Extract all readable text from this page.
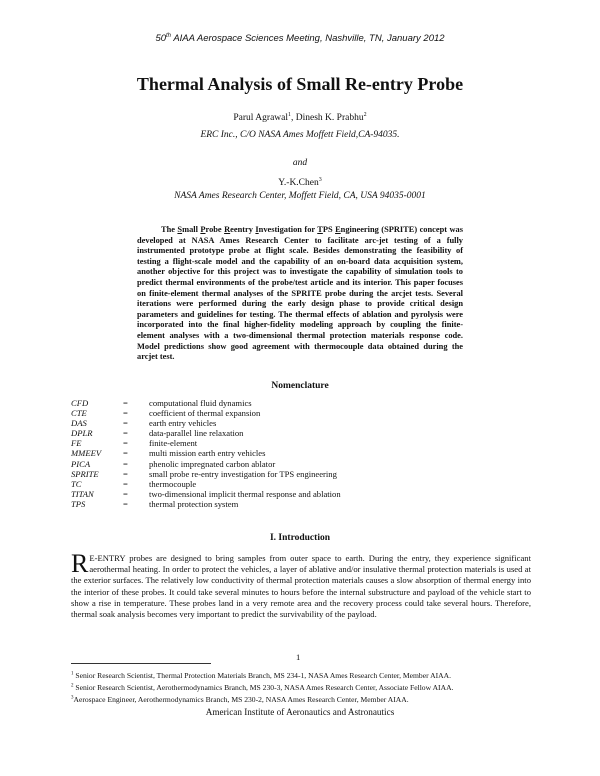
50th AIAA Aerospace Sciences Meeting, Nashville, TN, January 2012
Thermal Analysis of Small Re-entry Probe
Parul Agrawal$^1$, Dinesh K. Prabhu$^2$
ERC Inc., C/O NASA Ames Moffett Field,CA-94035.
and
Y.-K.Chen$^3$
NASA Ames Research Center, Moffett Field, CA, USA 94035-0001
The Small Probe Reentry Investigation for TPS Engineering (SPRITE) concept was developed at NASA Ames Research Center to facilitate arc-jet testing of a fully instrumented prototype probe at flight scale. Besides demonstrating the feasibility of testing a flight-scale model and the capability of an on-board data acquisition system, another objective for this project was to investigate the capability of simulation tools to predict thermal environments of the probe/test article and its interior. This paper focuses on finite-element thermal analyses of the SPRITE probe during the arcjet tests. Several iterations were performed during the early design phase to provide critical design parameters and guidelines for testing. The thermal effects of ablation and pyrolysis were incorporated into the final higher-fidelity modeling approach by coupling the finite-element analyses with a two-dimensional thermal protection materials response code. Model predictions show good agreement with thermocouple data obtained during the arcjet test.
Nomenclature
CFD	=	computational fluid dynamics
CTE	=	coefficient of thermal expansion
DAS	=	earth entry vehicles
DPLR	=	data-parallel line relaxation
FE	=	finite-element
MMEEV	=	multi mission earth entry vehicles
PICA	=	phenolic impregnated carbon ablator
SPRITE	=	small probe re-entry investigation for TPS engineering
TC	=	thermocouple
TITAN	=	two-dimensional implicit thermal response and ablation
TPS	=	thermal protection system
I. Introduction
R E-ENTRY probes are designed to bring samples from outer space to earth. During the entry, they experience significant aerothermal heating. In order to protect the vehicles, a layer of ablative and/or insulative thermal protection materials is used at the exterior surfaces. The relatively low conductivity of thermal protection materials causes a slow absorption of thermal energy into the interior of these probes. It could take several minutes to hours before the internal substructure and payload of the vehicle start to show a rise in temperature. These probes land in a very remote area and the recovery process could take several hours. Therefore, thermal soak analysis becomes very important to predict the survivability of the payload.
1
$^1$ Senior Research Scientist, Thermal Protection Materials Branch, MS 234-1, NASA Ames Research Center, Member AIAA.
$^2$ Senior Research Scientist, Aerothermodynamics Branch, MS 230-3, NASA Ames Research Center, Associate Fellow AIAA.
$^3$Aerospace Engineer, Aerothermodynamics Branch, MS 230-2, NASA Ames Research Center, Member AIAA.
American Institute of Aeronautics and Astronautics
